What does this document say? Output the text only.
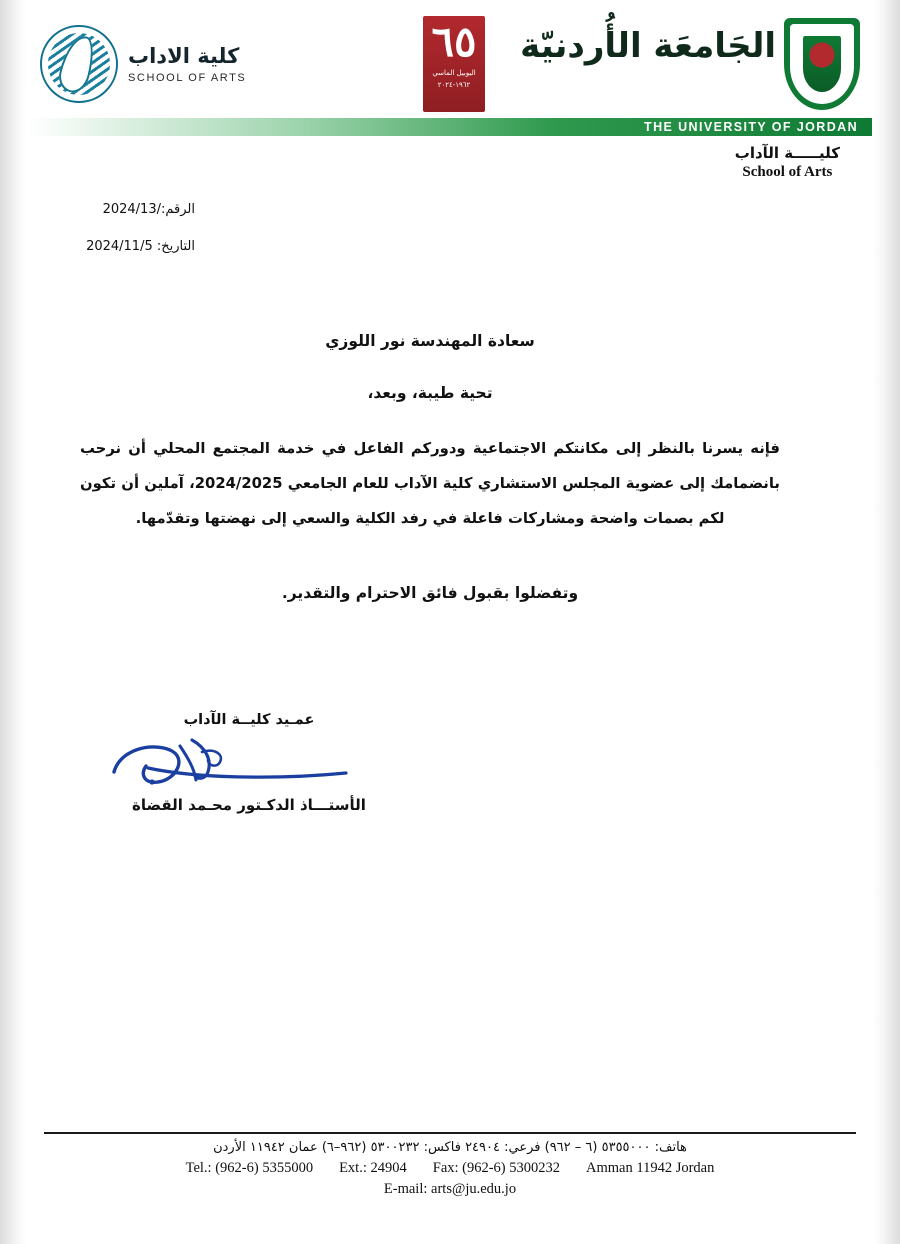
كلية الاداب
SCHOOL OF ARTS
٦٥
اليوبيل الماسي
١٩٦٢-٢٠٢٤
الجَامعَة الأُردنيّة
THE UNIVERSITY OF JORDAN
كليـــــة الآداب
School of Arts
الرقم:/2024/13
التاريخ: 2024/11/5
سعادة المهندسة نور اللوزي
تحية طيبة، وبعد،
فإنه يسرنا بالنظر إلى مكانتكم الاجتماعية ودوركم الفاعل في خدمة المجتمع المحلي أن نرحب بانضمامك إلى عضوية المجلس الاستشاري كلية الآداب للعام الجامعي 2024/2025، آملين أن تكون لكم بصمات واضحة ومشاركات فاعلة في رفد الكلية والسعي إلى نهضتها وتقدّمها.
وتفضلوا بقبول فائق الاحترام والتقدير.
عمـيد كليــة الآداب
الأستـــاذ الدكـتور محـمد القضاة
هاتف: ٥٣٥٥٠٠٠ (٦ – ٩٦٢) فرعي: ٢٤٩٠٤ فاكس: ٥٣٠٠٢٣٢ (٩٦٢–٦) عمان ١١٩٤٢ الأردن
Tel.: (962-6) 5355000 Ext.: 24904 Fax: (962-6) 5300232 Amman 11942 Jordan
E-mail: arts@ju.edu.jo
